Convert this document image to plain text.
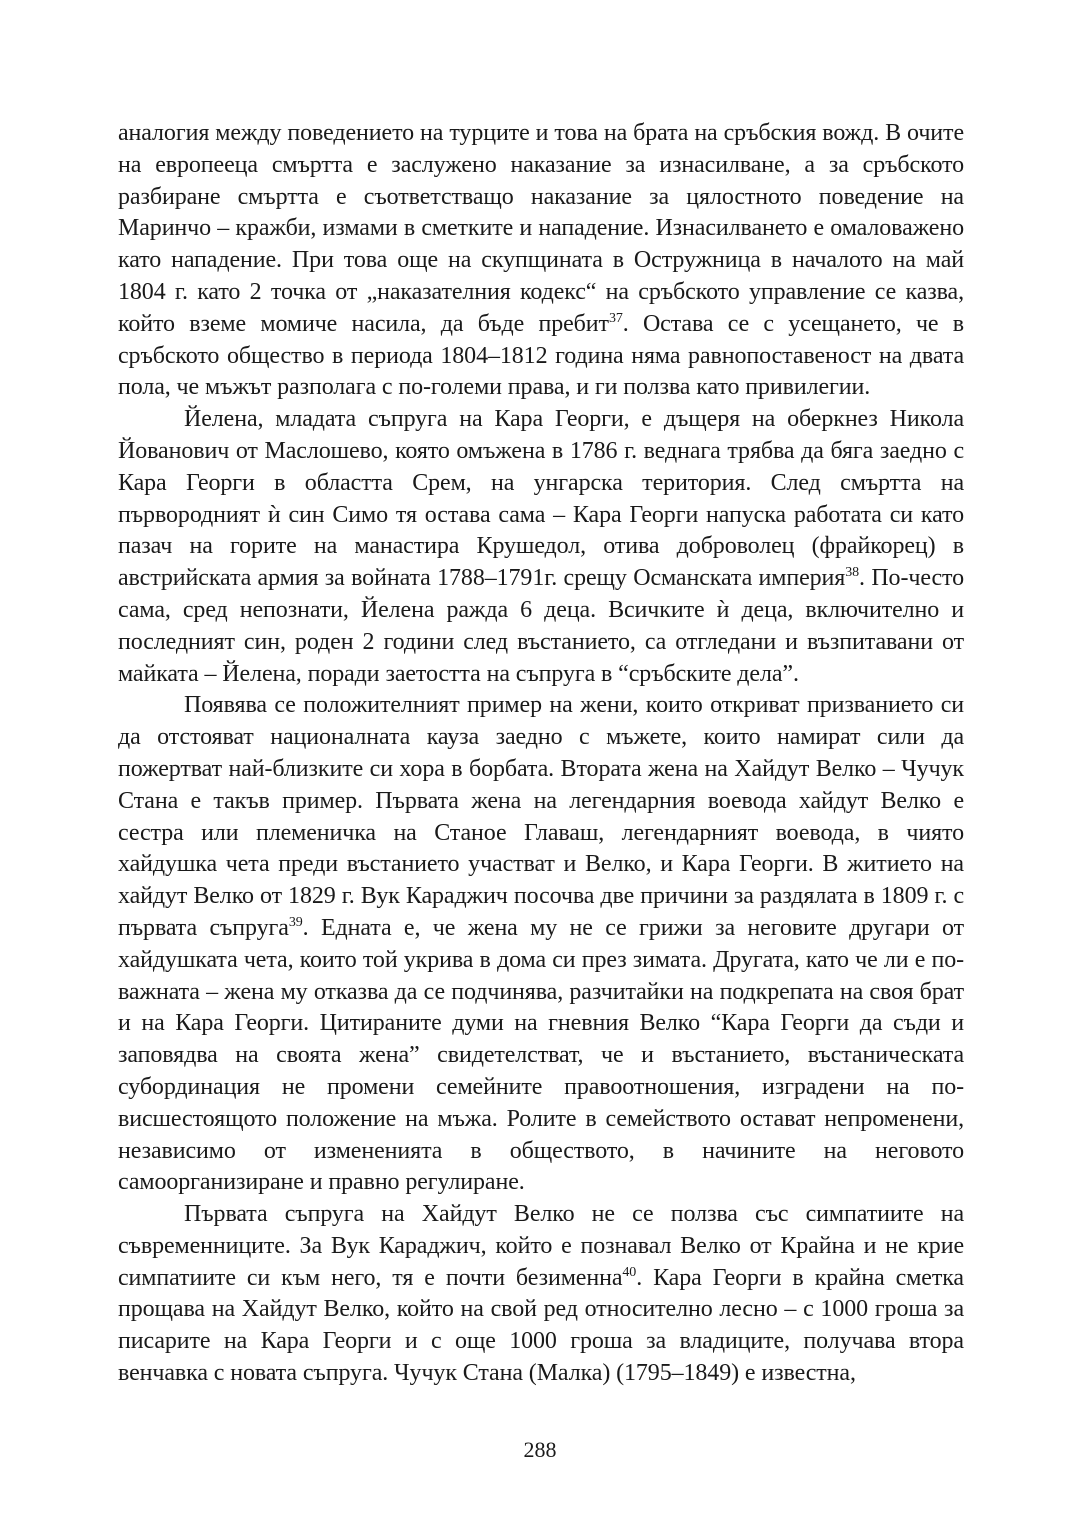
аналогия между поведението на турците и това на брата на сръбския вожд. В очите на европееца смъртта е заслужено наказание за изнасилване, а за сръбското разбиране смъртта е съответстващо наказание за цялостното поведение на Маринчо – кражби, измами в сметките и нападение. Изнасилването е омаловажено като нападение. При това още на скупщината в Остружница в началото на май 1804 г. като 2 точка от „наказателния кодекс“ на сръбското управление се казва, който вземе момиче насила, да бъде пребит$^{37}$. Остава се с усещането, че в сръбското общество в периода 1804–1812 година няма равнопоставеност на двата пола, че мъжът разполага с по-големи права, и ги ползва като привилегии.

Йелена, младата съпруга на Кара Георги, е дъщеря на оберкнез Никола Йованович от Маслошево, която омъжена в 1786 г. веднага трябва да бяга заедно с Кара Георги в областта Срем, на унгарска територия. След смъртта на първородният ѝ син Симо тя остава сама – Кара Георги напуска работата си като пазач на горите на манастира Крушедол, отива доброволец (фрайкорец) в австрийската армия за войната 1788–1791г. срещу Османската империя$^{38}$. По-често сама, сред непознати, Йелена ражда 6 деца. Всичките ѝ деца, включително и последният син, роден 2 години след въстанието, са отгледани и възпитавани от майката – Йелена, поради заетостта на съпруга в “сръбските дела”.

Появява се положителният пример на жени, които откриват призванието си да отстояват националната кауза заедно с мъжете, които намират сили да пожертват най-близките си хора в борбата. Втората жена на Хайдут Велко – Чучук Стана е такъв пример. Първата жена на легендарния воевода хайдут Велко е сестра или племеничка на Станое Главаш, легендарният воевода, в чиято хайдушка чета преди въстанието участват и Велко, и Кара Георги. В житието на хайдут Велко от 1829 г. Вук Караджич посочва две причини за раздялата в 1809 г. с първата съпруга$^{39}$. Едната е, че жена му не се грижи за неговите другари от хайдушката чета, които той укрива в дома си през зимата. Другата, като че ли е по-важната – жена му отказва да се подчинява, разчитайки на подкрепата на своя брат и на Кара Георги. Цитираните думи на гневния Велко “Кара Георги да съди и заповядва на своята жена” свидетелстват, че и въстанието, въстаническата субординация не промени семейните правоотношения, изградени на по-висшестоящото положение на мъжа. Ролите в семейството остават непроменени, независимо от измененията в обществото, в начините на неговото самоорганизиране и правно регулиране.

Първата съпруга на Хайдут Велко не се ползва със симпатиите на съвременниците. За Вук Караджич, който е познавал Велко от Крайна и не крие симпатиите си към него, тя е почти безименна$^{40}$. Кара Георги в крайна сметка прощава на Хайдут Велко, който на свой ред относително лесно – с 1000 гроша за писарите на Кара Георги и с още 1000 гроша за владиците, получава втора венчавка с новата съпруга. Чучук Стана (Малка) (1795–1849) е известна,

288
